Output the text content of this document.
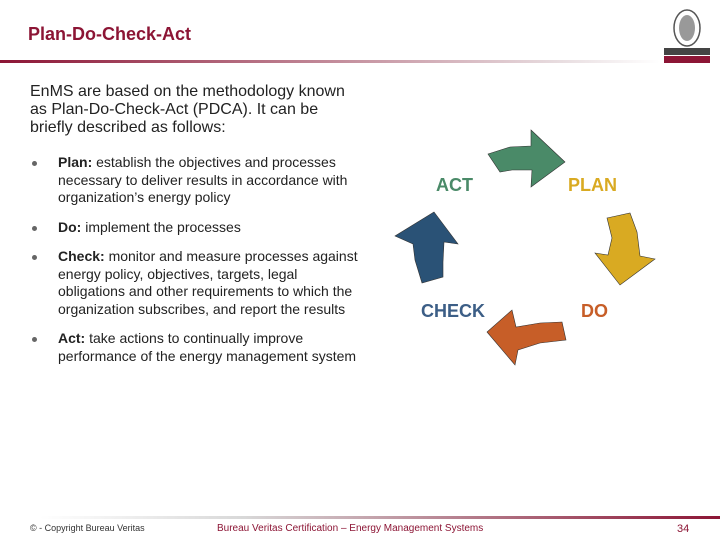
Plan-Do-Check-Act
EnMS are based on the methodology known as Plan-Do-Check-Act (PDCA). It can be briefly described as follows:
Plan: establish the objectives and processes necessary to deliver results in accordance with organization’s energy policy
Do: implement the processes
Check: monitor and measure processes against energy policy, objectives, targets, legal obligations and other requirements to which the organization subscribes, and report the results
Act: take actions to continually improve performance of the energy management system
ACT	PLAN
CHECK	DO
© - Copyright Bureau Veritas	Bureau Veritas Certification – Energy Management Systems	34
